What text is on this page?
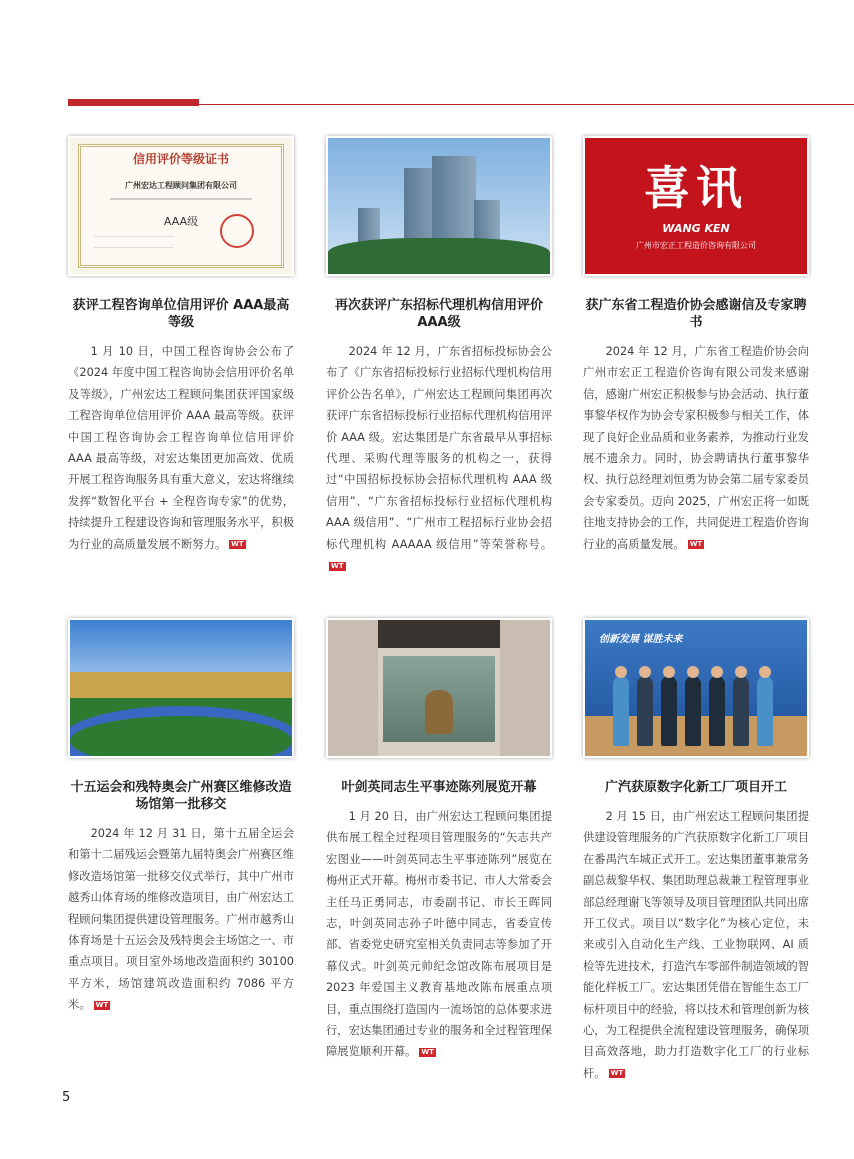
信用评价等级证书
广州宏达工程顾问集团有限公司
AAA级
获评工程咨询单位信用评价 AAA最高等级
1 月 10 日，中国工程咨询协会公布了《2024 年度中国工程咨询协会信用评价名单及等级》，广州宏达工程顾问集团获评国家级工程咨询单位信用评价 AAA 最高等级。获评中国工程咨询协会工程咨询单位信用评价 AAA 最高等级，对宏达集团更加高效、优质开展工程咨询服务具有重大意义，宏达将继续发挥“数智化平台 + 全程咨询专家”的优势，持续提升工程建设咨询和管理服务水平，积极为行业的高质量发展不断努力。 WT
再次获评广东招标代理机构信用评价AAA级
2024 年 12 月，广东省招标投标协会公布了《广东省招标投标行业招标代理机构信用评价公告名单》，广州宏达工程顾问集团再次获评广东省招标投标行业招标代理机构信用评价 AAA 级。宏达集团是广东省最早从事招标代理、采购代理等服务的机构之一，获得过“中国招标投标协会招标代理机构 AAA 级信用”、“广东省招标投标行业招标代理机构 AAA 级信用”、“广州市工程招标行业协会招标代理机构 AAAAA 级信用”等荣誉称号。WT
喜讯
WANG KEN
广州市宏正工程造价咨询有限公司
获广东省工程造价协会感谢信及专家聘书
2024 年 12 月，广东省工程造价协会向广州市宏正工程造价咨询有限公司发来感谢信，感谢广州宏正积极参与协会活动、执行董事黎华权作为协会专家积极参与相关工作，体现了良好企业品质和业务素养，为推动行业发展不遗余力。同时，协会聘请执行董事黎华权、执行总经理刘恒勇为协会第二届专家委员会专家委员。迈向 2025，广州宏正将一如既往地支持协会的工作，共同促进工程造价咨询行业的高质量发展。 WT
十五运会和残特奥会广州赛区维修改造场馆第一批移交
2024 年 12 月 31 日，第十五届全运会和第十二届残运会暨第九届特奥会广州赛区维修改造场馆第一批移交仪式举行，其中广州市越秀山体育场的维修改造项目，由广州宏达工程顾问集团提供建设管理服务。广州市越秀山体育场是十五运会及残特奥会主场馆之一、市重点项目。项目室外场地改造面积约 30100 平方米，场馆建筑改造面积约 7086 平方米。 WT
叶剑英同志生平事迹陈列展览开幕
1 月 20 日，由广州宏达工程顾问集团提供布展工程全过程项目管理服务的“矢志共产宏图业——叶剑英同志生平事迹陈列”展览在梅州正式开幕。梅州市委书记、市人大常委会主任马正勇同志，市委副书记、市长王晖同志，叶剑英同志孙子叶德中同志，省委宣传部、省委党史研究室相关负责同志等参加了开幕仪式。叶剑英元帅纪念馆改陈布展项目是 2023 年爱国主义教育基地改陈布展重点项目，重点围绕打造国内一流场馆的总体要求进行，宏达集团通过专业的服务和全过程管理保障展览顺利开幕。 WT
创新发展 谋胜未来
广汽获原数字化新工厂项目开工
2 月 15 日，由广州宏达工程顾问集团提供建设管理服务的广汽获原数字化新工厂项目在番禺汽车城正式开工。宏达集团董事兼常务副总裁黎华权、集团助理总裁兼工程管理事业部总经理谢飞等领导及项目管理团队共同出席开工仪式。项目以“数字化”为核心定位，未来或引入自动化生产线、工业物联网、AI 质检等先进技术，打造汽车零部件制造领域的智能化样板工厂。宏达集团凭借在智能生态工厂标杆项目中的经验，将以技术和管理创新为核心，为工程提供全流程建设管理服务，确保项目高效落地，助力打造数字化工厂的行业标杆。 WT
5
